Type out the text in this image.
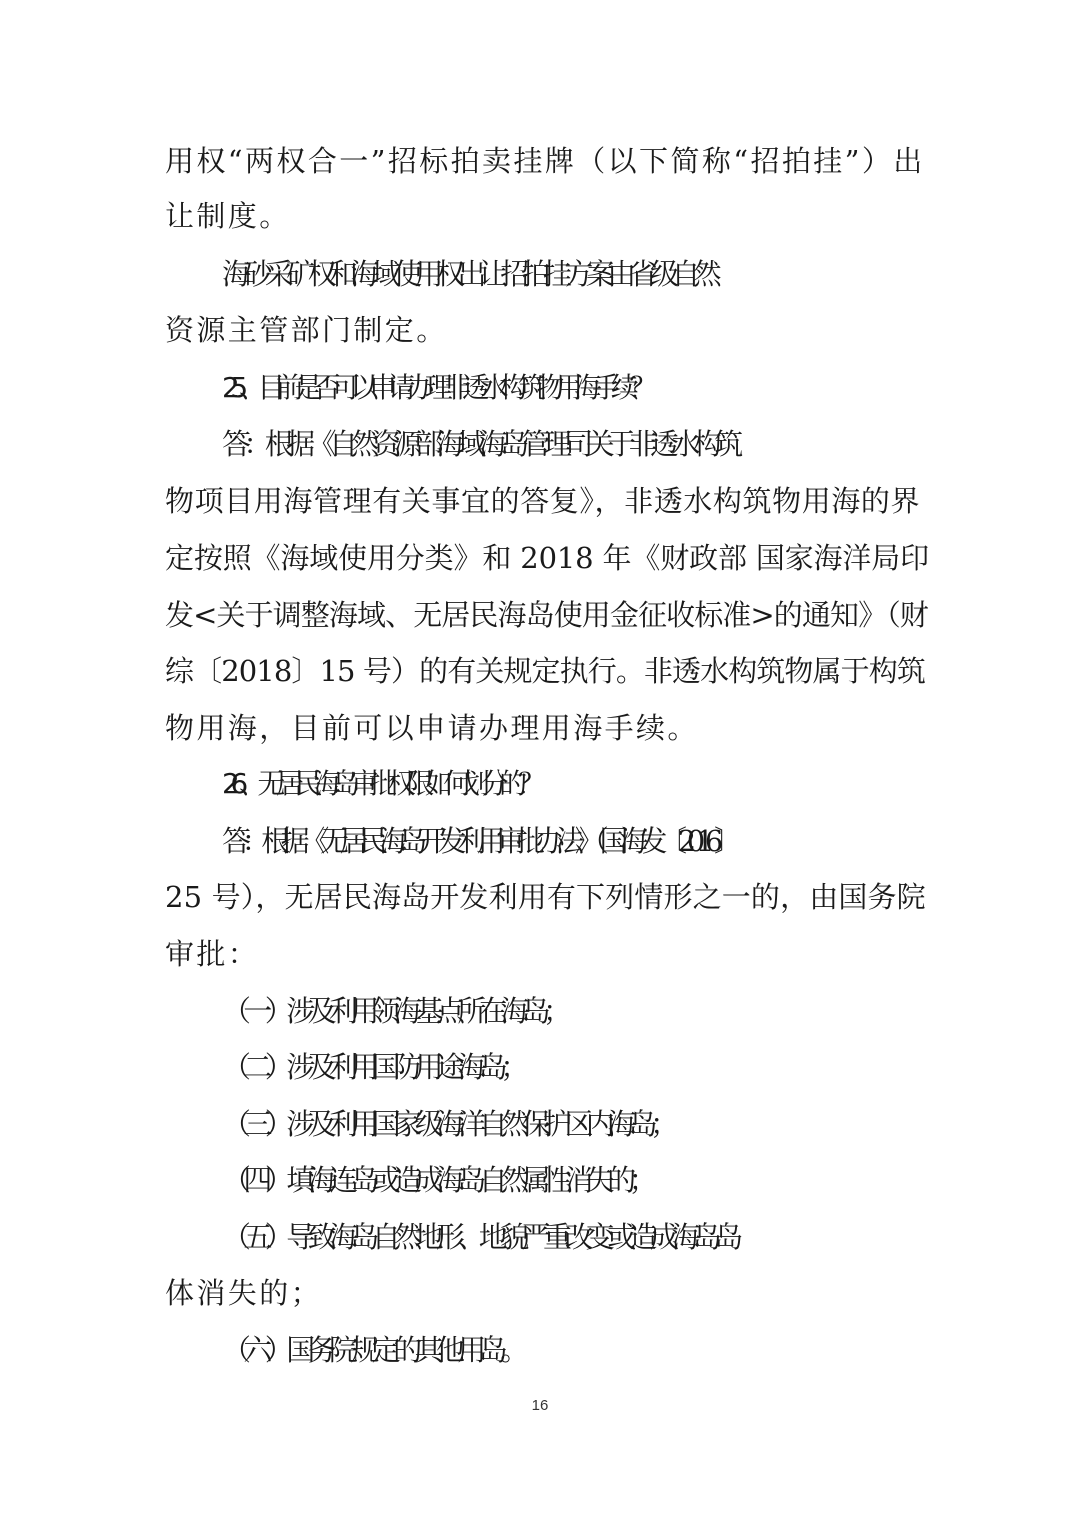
用权“两权合一”招标拍卖挂牌（以下简称“招拍挂”）出
让制度。
海砂采矿权和海域使用权出让招拍挂方案由省级自然
资源主管部门制定。
25、目前是否可以申请办理非透水构筑物用海手续？
答：根据《自然资源部海域海岛管理司关于非透水构筑
物项目用海管理有关事宜的答复》，非透水构筑物用海的界
定按照《海域使用分类》和 2018 年《财政部 国家海洋局印
发<关于调整海域、无居民海岛使用金征收标准>的通知》（财
综〔2018〕15 号）的有关规定执行。非透水构筑物属于构筑
物用海，目前可以申请办理用海手续。
26、无居民海岛审批权限如何划分的？
答：根据《无居民海岛开发利用审批办法》（国海 发〔2016〕
25 号），无居民海岛开发利用有下列情形之一的，由国务院
审批：
（一）涉及利用领海基点所在海岛；
（二）涉及利用国防用途海岛；
（三）涉及利用国家级海洋自然保护区内海岛；
（四）填海连岛或造成海岛自然属性消失的；
（五）导致海岛自然地形、地貌严重改变或造成海岛岛
体消失的；
（六）国务院规定的其他用岛。
16
